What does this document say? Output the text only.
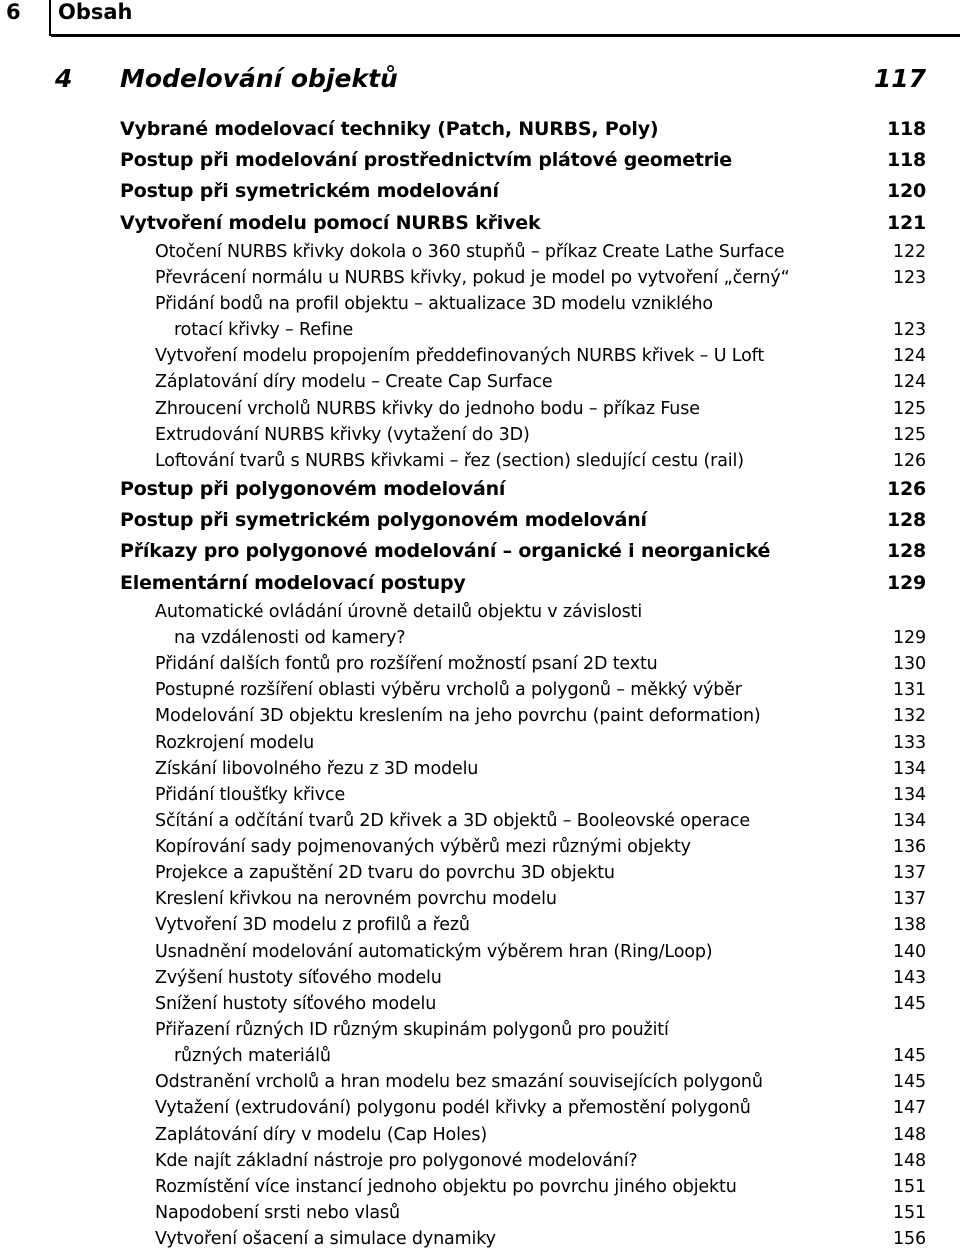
6 Obsah
4 Modelování objektů	117
Vybrané modelovací techniky (Patch, NURBS, Poly)	118
Postup při modelování prostřednictvím plátové geometrie	118
Postup při symetrickém modelování	120
Vytvoření modelu pomocí NURBS křivek	121
Otočení NURBS křivky dokola o 360 stupňů – příkaz Create Lathe Surface	122
Převrácení normálu u NURBS křivky, pokud je model po vytvoření „černý“	123
Přidání bodů na profil objektu – aktualizace 3D modelu vzniklého
rotací křivky – Refine	123
Vytvoření modelu propojením předdefinovaných NURBS křivek – U Loft	124
Záplatování díry modelu – Create Cap Surface	124
Zhroucení vrcholů NURBS křivky do jednoho bodu – příkaz Fuse	125
Extrudování NURBS křivky (vytažení do 3D)	125
Loftování tvarů s NURBS křivkami – řez (section) sledující cestu (rail)	126
Postup při polygonovém modelování	126
Postup při symetrickém polygonovém modelování	128
Příkazy pro polygonové modelování – organické i neorganické	128
Elementární modelovací postupy	129
Automatické ovládání úrovně detailů objektu v závislosti
na vzdálenosti od kamery?	129
Přidání dalších fontů pro rozšíření možností psaní 2D textu	130
Postupné rozšíření oblasti výběru vrcholů a polygonů – měkký výběr	131
Modelování 3D objektu kreslením na jeho povrchu (paint deformation)	132
Rozkrojení modelu	133
Získání libovolného řezu z 3D modelu	134
Přidání tloušťky křivce	134
Sčítání a odčítání tvarů 2D křivek a 3D objektů – Booleovské operace	134
Kopírování sady pojmenovaných výběrů mezi různými objekty	136
Projekce a zapuštění 2D tvaru do povrchu 3D objektu	137
Kreslení křivkou na nerovném povrchu modelu	137
Vytvoření 3D modelu z profilů a řezů	138
Usnadnění modelování automatickým výběrem hran (Ring/Loop)	140
Zvýšení hustoty síťového modelu	143
Snížení hustoty síťového modelu	145
Přiřazení různých ID různým skupinám polygonů pro použití
různých materiálů	145
Odstranění vrcholů a hran modelu bez smazání souvisejících polygonů	145
Vytažení (extrudování) polygonu podél křivky a přemostění polygonů	147
Zaplátování díry v modelu (Cap Holes)	148
Kde najít základní nástroje pro polygonové modelování?	148
Rozmístění více instancí jednoho objektu po povrchu jiného objektu	151
Napodobení srsti nebo vlasů	151
Vytvoření ošacení a simulace dynamiky	156
